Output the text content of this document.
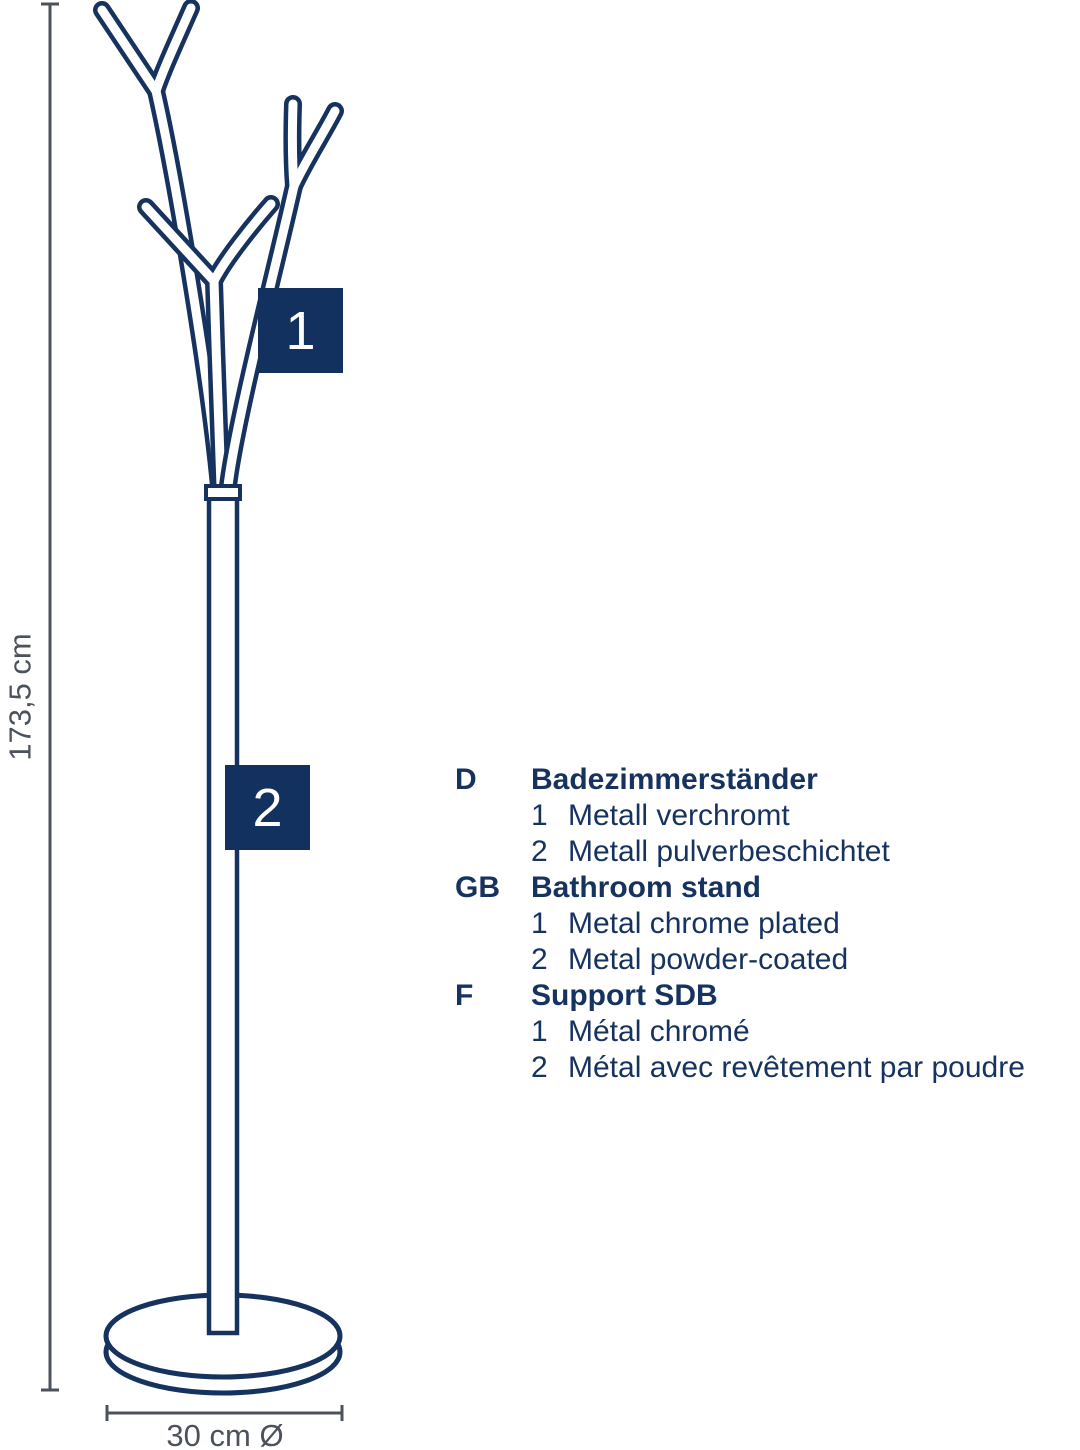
1
2
173,5 cm
30 cm Ø
D	Badezimmerständer
1 Metall verchromt
2 Metall pulverbeschichtet
GB	Bathroom stand
1 Metal chrome plated
2 Metal powder-coated
F	Support SDB
1 Métal chromé
2 Métal avec revêtement par poudre
